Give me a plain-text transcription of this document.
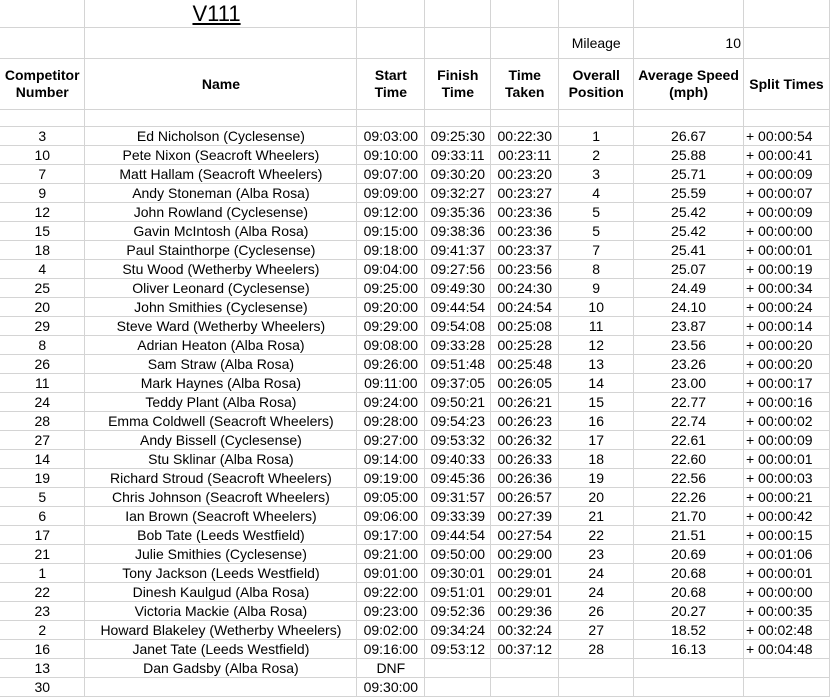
	V111						
					Mileage	10	
Competitor Number	Name	Start Time	Finish Time	Time Taken	Overall Position	Average Speed (mph)	Split Times

3	Ed Nicholson (Cyclesense)	09:03:00	09:25:30	00:22:30	1	26.67	+ 00:00:54
10	Pete Nixon (Seacroft Wheelers)	09:10:00	09:33:11	00:23:11	2	25.88	+ 00:00:41
7	Matt Hallam (Seacroft Wheelers)	09:07:00	09:30:20	00:23:20	3	25.71	+ 00:00:09
9	Andy Stoneman (Alba Rosa)	09:09:00	09:32:27	00:23:27	4	25.59	+ 00:00:07
12	John Rowland (Cyclesense)	09:12:00	09:35:36	00:23:36	5	25.42	+ 00:00:09
15	Gavin McIntosh (Alba Rosa)	09:15:00	09:38:36	00:23:36	5	25.42	+ 00:00:00
18	Paul Stainthorpe (Cyclesense)	09:18:00	09:41:37	00:23:37	7	25.41	+ 00:00:01
4	Stu Wood (Wetherby Wheelers)	09:04:00	09:27:56	00:23:56	8	25.07	+ 00:00:19
25	Oliver Leonard (Cyclesense)	09:25:00	09:49:30	00:24:30	9	24.49	+ 00:00:34
20	John Smithies (Cyclesense)	09:20:00	09:44:54	00:24:54	10	24.10	+ 00:00:24
29	Steve Ward (Wetherby Wheelers)	09:29:00	09:54:08	00:25:08	11	23.87	+ 00:00:14
8	Adrian Heaton (Alba Rosa)	09:08:00	09:33:28	00:25:28	12	23.56	+ 00:00:20
26	Sam Straw (Alba Rosa)	09:26:00	09:51:48	00:25:48	13	23.26	+ 00:00:20
11	Mark Haynes (Alba Rosa)	09:11:00	09:37:05	00:26:05	14	23.00	+ 00:00:17
24	Teddy Plant (Alba Rosa)	09:24:00	09:50:21	00:26:21	15	22.77	+ 00:00:16
28	Emma Coldwell (Seacroft Wheelers)	09:28:00	09:54:23	00:26:23	16	22.74	+ 00:00:02
27	Andy Bissell (Cyclesense)	09:27:00	09:53:32	00:26:32	17	22.61	+ 00:00:09
14	Stu Sklinar (Alba Rosa)	09:14:00	09:40:33	00:26:33	18	22.60	+ 00:00:01
19	Richard Stroud (Seacroft Wheelers)	09:19:00	09:45:36	00:26:36	19	22.56	+ 00:00:03
5	Chris Johnson (Seacroft Wheelers)	09:05:00	09:31:57	00:26:57	20	22.26	+ 00:00:21
6	Ian Brown (Seacroft Wheelers)	09:06:00	09:33:39	00:27:39	21	21.70	+ 00:00:42
17	Bob Tate (Leeds Westfield)	09:17:00	09:44:54	00:27:54	22	21.51	+ 00:00:15
21	Julie Smithies (Cyclesense)	09:21:00	09:50:00	00:29:00	23	20.69	+ 00:01:06
1	Tony Jackson (Leeds Westfield)	09:01:00	09:30:01	00:29:01	24	20.68	+ 00:00:01
22	Dinesh Kaulgud (Alba Rosa)	09:22:00	09:51:01	00:29:01	24	20.68	+ 00:00:00
23	Victoria Mackie (Alba Rosa)	09:23:00	09:52:36	00:29:36	26	20.27	+ 00:00:35
2	Howard Blakeley (Wetherby Wheelers)	09:02:00	09:34:24	00:32:24	27	18.52	+ 00:02:48
16	Janet Tate (Leeds Westfield)	09:16:00	09:53:12	00:37:12	28	16.13	+ 00:04:48
13	Dan Gadsby (Alba Rosa)	DNF					
30		09:30:00					
